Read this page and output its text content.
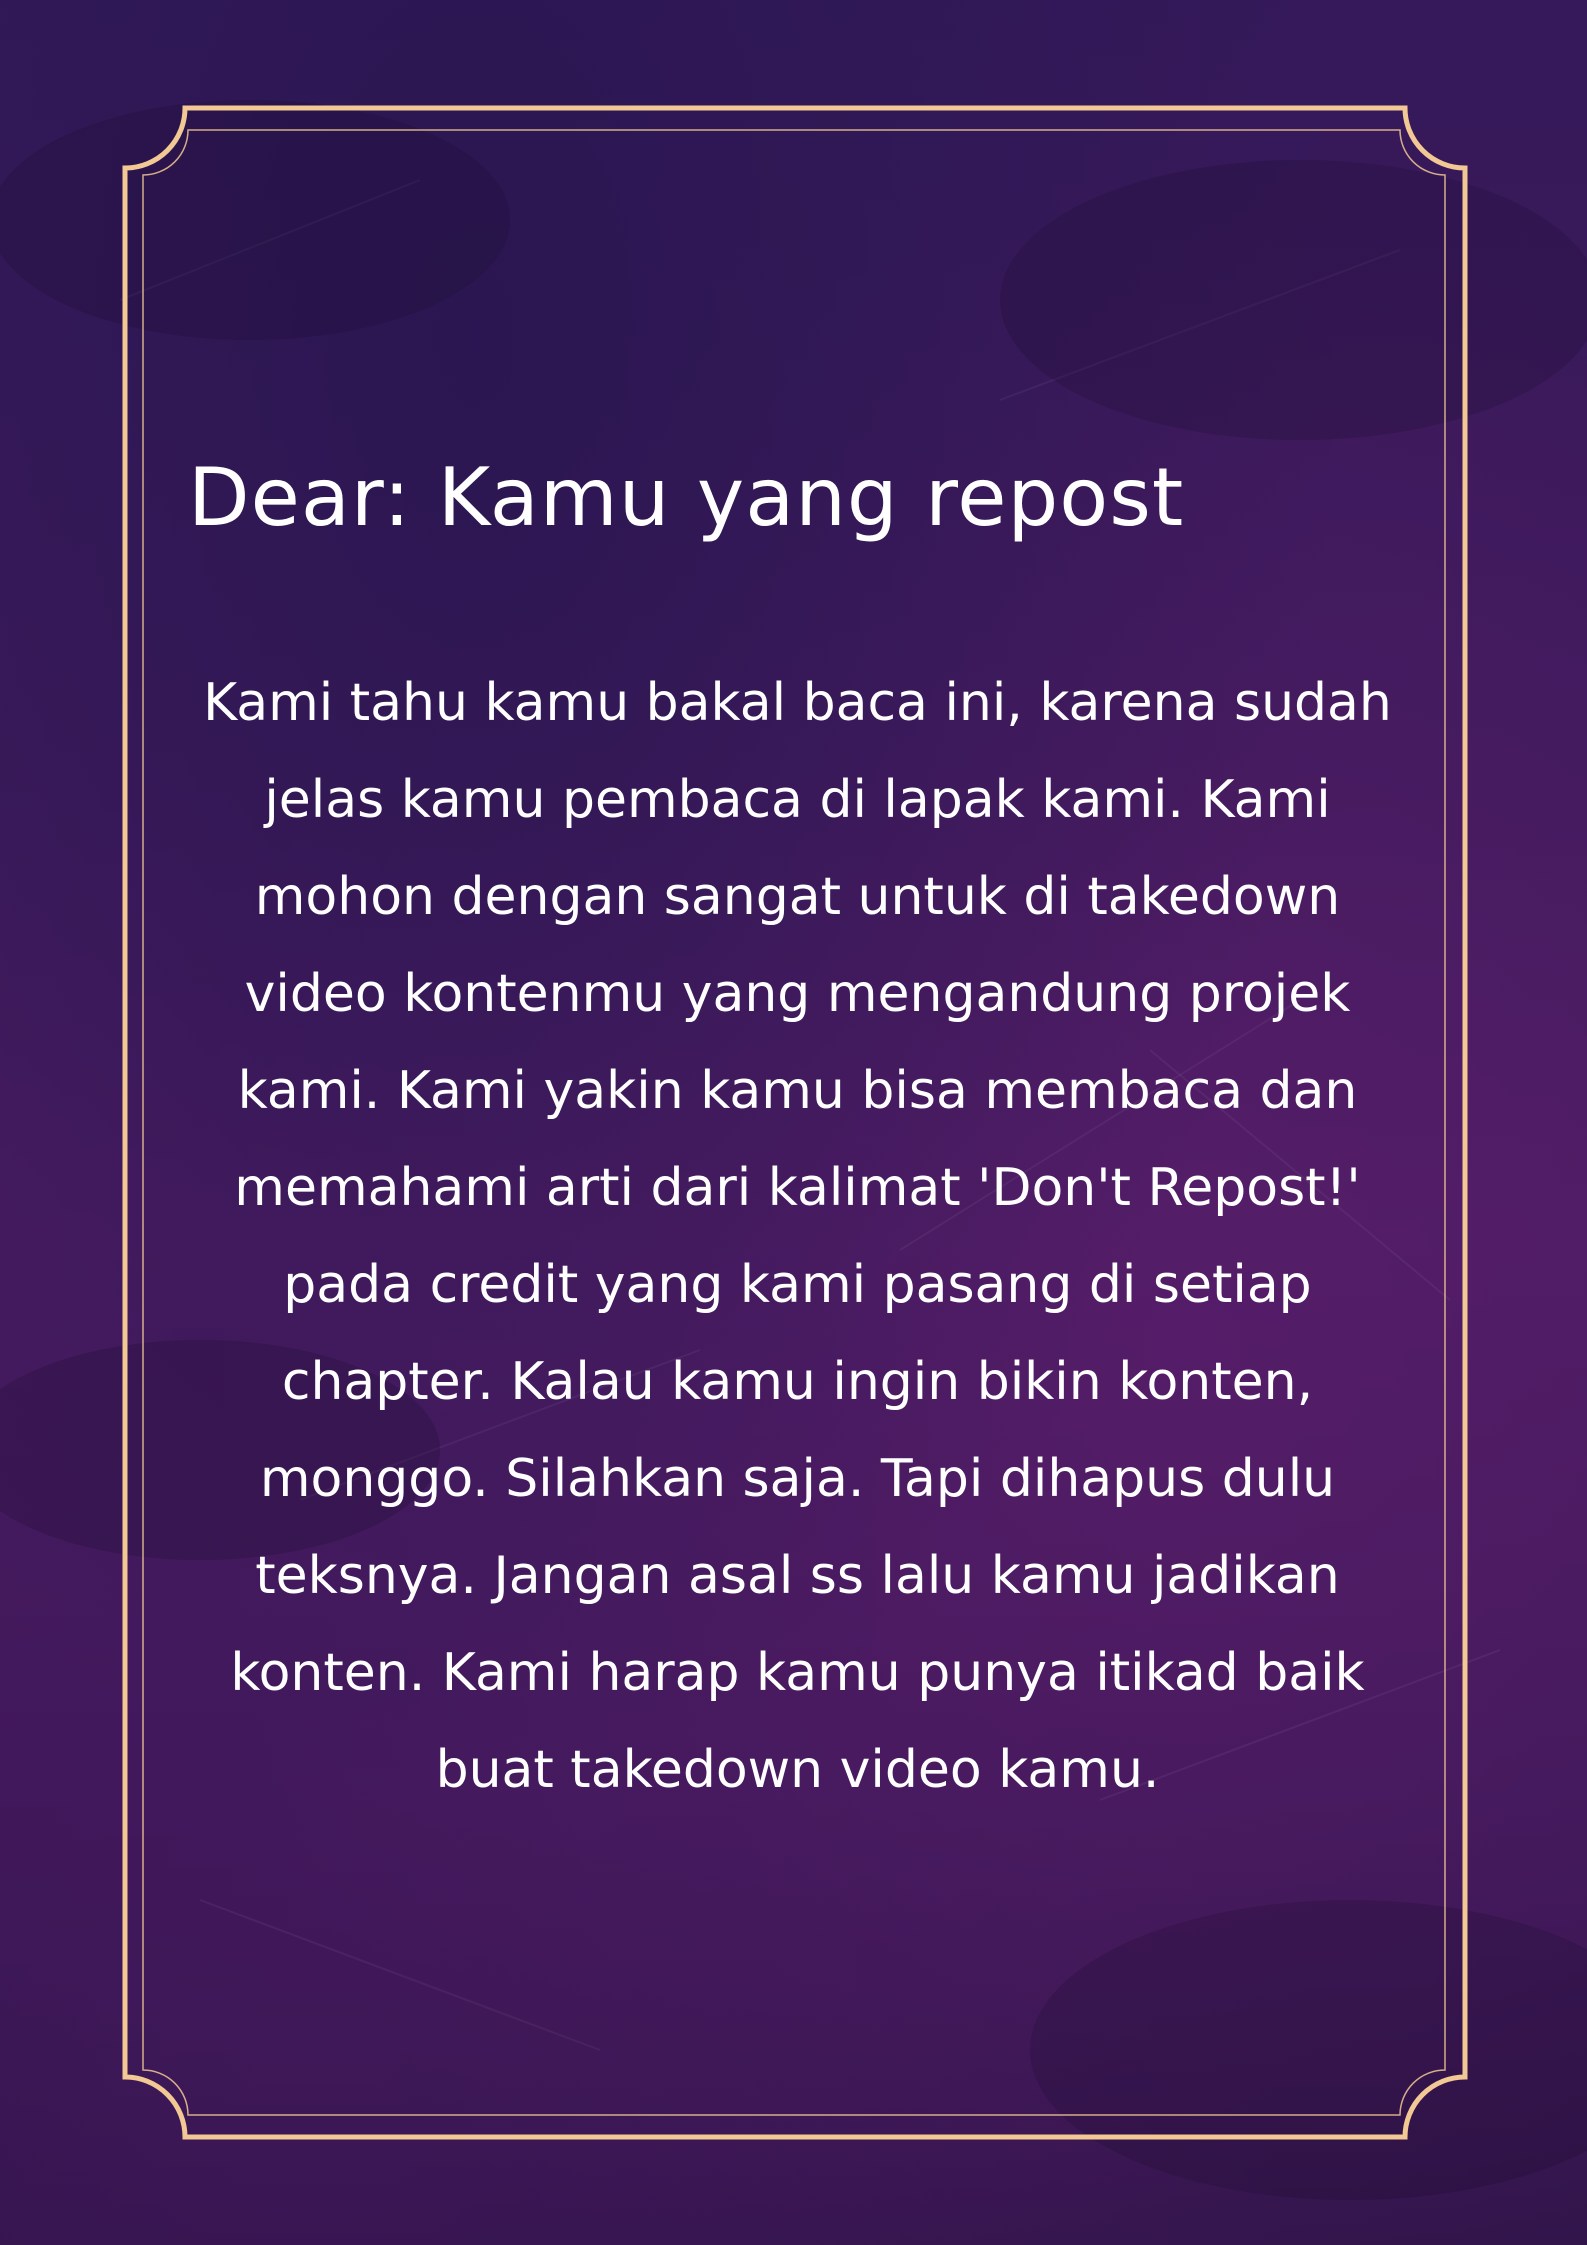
Dear: Kamu yang repost

Kami tahu kamu bakal baca ini, karena sudah jelas kamu pembaca di lapak kami. Kami mohon dengan sangat untuk di takedown video kontenmu yang mengandung projek kami. Kami yakin kamu bisa membaca dan memahami arti dari kalimat 'Don't Repost!' pada credit yang kami pasang di setiap chapter. Kalau kamu ingin bikin konten, monggo. Silahkan saja. Tapi dihapus dulu teksnya. Jangan asal ss lalu kamu jadikan konten. Kami harap kamu punya itikad baik buat takedown video kamu.
